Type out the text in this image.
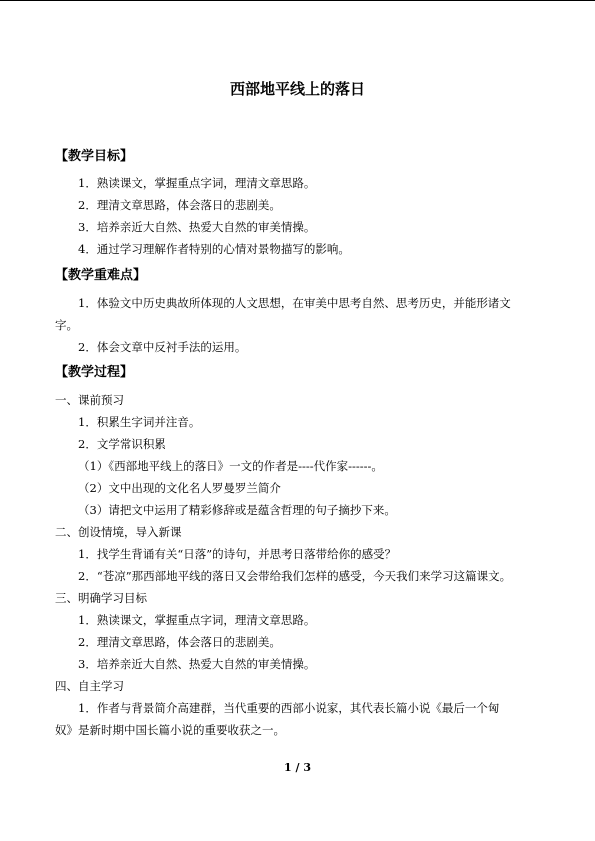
西部地平线上的落日
【教学目标】
1．熟读课文，掌握重点字词，理清文章思路。
2．理清文章思路，体会落日的悲剧美。
3．培养亲近大自然、热爱大自然的审美情操。
4．通过学习理解作者特别的心情对景物描写的影响。
【教学重难点】
1．体验文中历史典故所体现的人文思想，在审美中思考自然、思考历史，并能形诸文
字。
2．体会文章中反衬手法的运用。
【教学过程】
一、课前预习
1．积累生字词并注音。
2．文学常识积累
（1）《西部地平线上的落日》一文的作者是----代作家------。
（2）文中出现的文化名人罗曼罗兰简介
（3）请把文中运用了精彩修辞或是蕴含哲理的句子摘抄下来。
二、创设情境，导入新课
1．找学生背诵有关“日落”的诗句，并思考日落带给你的感受？
2．“苍凉”那西部地平线的落日又会带给我们怎样的感受，今天我们来学习这篇课文。
三、明确学习目标
1．熟读课文，掌握重点字词，理清文章思路。
2．理清文章思路，体会落日的悲剧美。
3．培养亲近大自然、热爱大自然的审美情操。
四、自主学习
1．作者与背景简介高建群，当代重要的西部小说家，其代表长篇小说《最后一个匈
奴》是新时期中国长篇小说的重要收获之一。
1 / 3
